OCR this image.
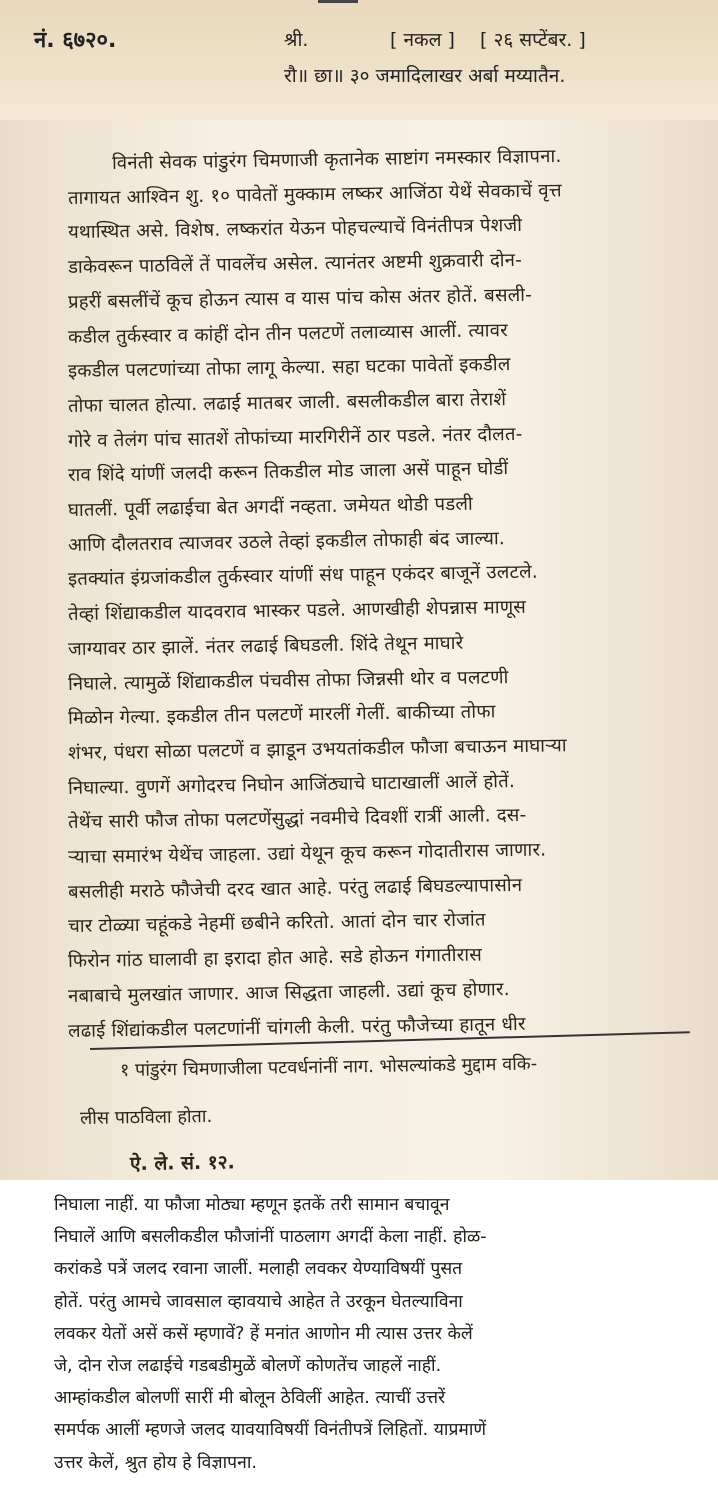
नं. ६७२०.	श्री.	[ नकल ] [ २६ सप्टेंबर. ]
रौ॥ छा॥ ३० जमादिलाखर अर्बा मय्यातैन.
विनंती सेवक पांडुरंग चिमणाजी कृतानेक साष्टांग नमस्कार विज्ञापना.
तागायत आश्विन शु. १० पावेतों मुक्काम लष्कर आजिंठा येथें सेवकाचें वृत्त
यथास्थित असे. विशेष. लष्करांत येऊन पोहचल्याचें विनंतीपत्र पेशजी
डाकेवरून पाठविलें तें पावलेंच असेल. त्यानंतर अष्टमी शुक्रवारी दोन-
प्रहरीं बसलींचें कूच होऊन त्यास व यास पांच कोस अंतर होतें. बसली-
कडील तुर्कस्वार व कांहीं दोन तीन पलटणें तलाव्यास आलीं. त्यावर
इकडील पलटणांच्या तोफा लागू केल्या. सहा घटका पावेतों इकडील
तोफा चालत होत्या. लढाई मातबर जाली. बसलीकडील बारा तेराशें
गोरे व तेलंग पांच सातशें तोफांच्या मारगिरीनें ठार पडले. नंतर दौलत-
राव शिंदे यांणीं जलदी करून तिकडील मोड जाला असें पाहून घोडीं
घातलीं. पूर्वी लढाईचा बेत अगदीं नव्हता. जमेयत थोडी पडली
आणि दौलतराव त्याजवर उठले तेव्हां इकडील तोफाही बंद जाल्या.
इतक्यांत इंग्रजांकडील तुर्कस्वार यांणीं संध पाहून एकंदर बाजूनें उलटले.
तेव्हां शिंद्याकडील यादवराव भास्कर पडले. आणखीही शेपन्नास माणूस
जाग्यावर ठार झालें. नंतर लढाई बिघडली. शिंदे तेथून माघारे
निघाले. त्यामुळें शिंद्याकडील पंचवीस तोफा जिन्नसी थोर व पलटणी
मिळोन गेल्या. इकडील तीन पलटणें मारलीं गेलीं. बाकीच्या तोफा
शंभर, पंधरा सोळा पलटणें व झाडून उभयतांकडील फौजा बचाऊन माघाऱ्या
निघाल्या. वुणगें अगोदरच निघोन आजिंठ्याचे घाटाखालीं आलें होतें.
तेथेंच सारी फौज तोफा पलटणेंसुद्धां नवमीचे दिवशीं रात्रीं आली. दस-
ऱ्याचा समारंभ येथेंच जाहला. उद्यां येथून कूच करून गोदातीरास जाणार.
बसलीही मराठे फौजेची दरद खात आहे. परंतु लढाई बिघडल्यापासोन
चार टोळ्या चहूंकडे नेहमीं छबीने करितो. आतां दोन चार रोजांत
फिरोन गांठ घालावी हा इरादा होत आहे. सडे होऊन गंगातीरास
नबाबाचे मुलखांत जाणार. आज सिद्धता जाहली. उद्यां कूच होणार.
लढाई शिंद्यांकडील पलटणांनीं चांगली केली. परंतु फौजेच्या हातून धीर
१ पांडुरंग चिमणाजीला पटवर्धनांनीं नाग. भोसल्यांकडे मुद्दाम वकि-
लीस पाठविला होता.
ऐ. ले. सं. १२.
निघाला नाहीं. या फौजा मोठ्या म्हणून इतकें तरी सामान बचावून
निघालें आणि बसलीकडील फौजांनीं पाठलाग अगदीं केला नाहीं. होळ-
करांकडे पत्रें जलद रवाना जालीं. मलाही लवकर येण्याविषयीं पुसत
होतें. परंतु आमचे जावसाल व्हावयाचे आहेत ते उरकून घेतल्याविना
लवकर येतों असें कसें म्हणावें? हें मनांत आणोन मी त्यास उत्तर केलें
जे, दोन रोज लढाईचे गडबडीमुळें बोलणें कोणतेंच जाहलें नाहीं.
आम्हांकडील बोलणीं सारीं मी बोलून ठेविलीं आहेत. त्याचीं उत्तरें
समर्पक आलीं म्हणजे जलद यावयाविषयीं विनंतीपत्रें लिहितों. याप्रमाणें
उत्तर केलें, श्रुत होय हे विज्ञापना.
